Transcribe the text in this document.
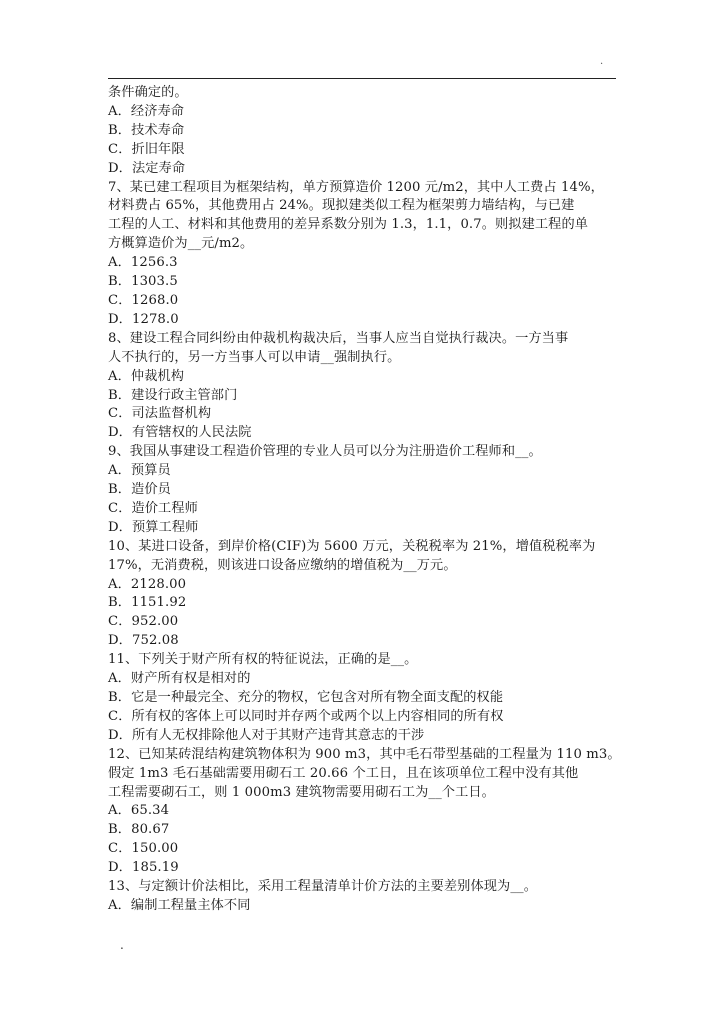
.
条件确定的。
A．经济寿命
B．技术寿命
C．折旧年限
D．法定寿命
7、某已建工程项目为框架结构，单方预算造价 1200 元/m2，其中人工费占 14%，
材料费占 65%，其他费用占 24%。现拟建类似工程为框架剪力墙结构，与已建
工程的人工、材料和其他费用的差异系数分别为 1.3，1.1，0.7。则拟建工程的单
方概算造价为__元/m2。
A．1256.3
B．1303.5
C．1268.0
D．1278.0
8、建设工程合同纠纷由仲裁机构裁决后，当事人应当自觉执行裁决。一方当事
人不执行的，另一方当事人可以申请__强制执行。
A．仲裁机构
B．建设行政主管部门
C．司法监督机构
D．有管辖权的人民法院
9、我国从事建设工程造价管理的专业人员可以分为注册造价工程师和__。
A．预算员
B．造价员
C．造价工程师
D．预算工程师
10、某进口设备，到岸价格(CIF)为 5600 万元，关税税率为 21%，增值税税率为
17%，无消费税，则该进口设备应缴纳的增值税为__万元。
A．2128.00
B．1151.92
C．952.00
D．752.08
11、下列关于财产所有权的特征说法，正确的是__。
A．财产所有权是相对的
B．它是一种最完全、充分的物权，它包含对所有物全面支配的权能
C．所有权的客体上可以同时并存两个或两个以上内容相同的所有权
D．所有人无权排除他人对于其财产违背其意志的干涉
12、已知某砖混结构建筑物体积为 900 m3，其中毛石带型基础的工程量为 110 m3。
假定 1m3 毛石基础需要用砌石工 20.66 个工日，且在该项单位工程中没有其他
工程需要砌石工，则 1 000m3 建筑物需要用砌石工为__个工日。
A．65.34
B．80.67
C．150.00
D．185.19
13、与定额计价法相比，采用工程量清单计价方法的主要差别体现为__。
A．编制工程量主体不同
.
